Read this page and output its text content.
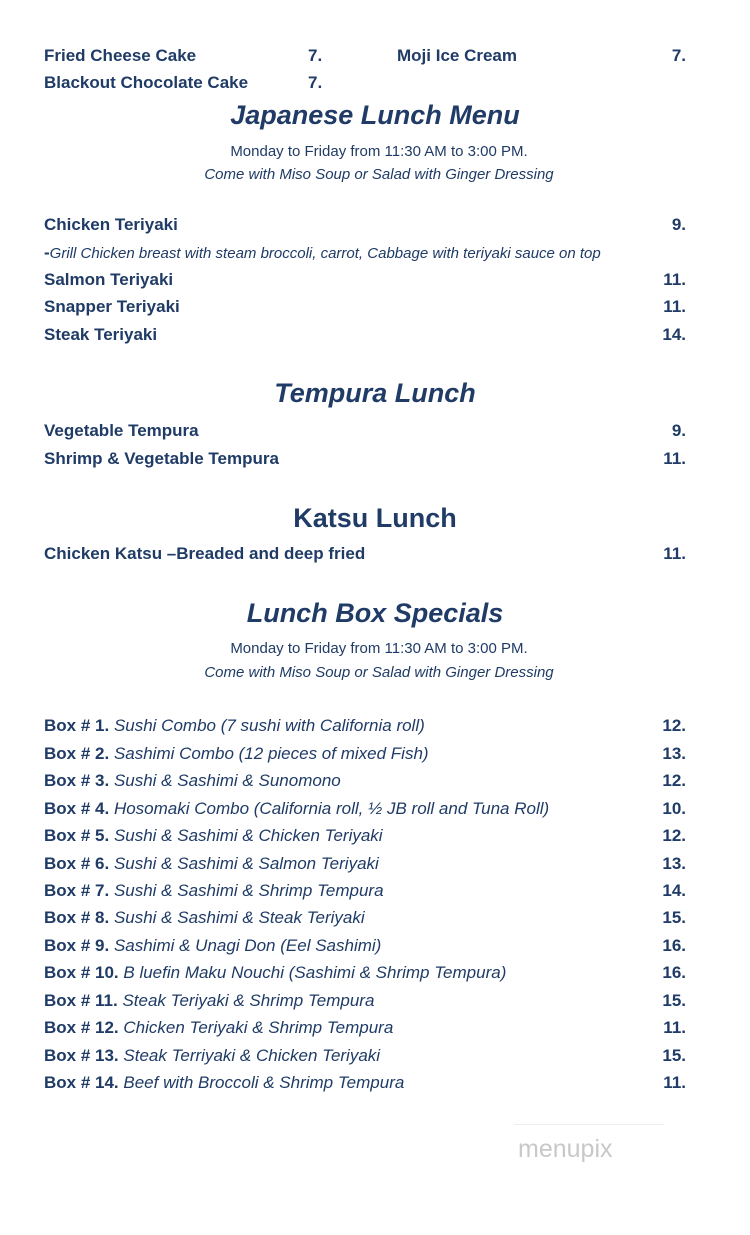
Fried Cheese Cake	7.	Moji Ice Cream	7.
Blackout Chocolate Cake	7.
Japanese Lunch Menu
Monday to Friday from 11:30 AM to 3:00 PM.
Come with Miso Soup or Salad with Ginger Dressing
Chicken Teriyaki	9.
-Grill Chicken breast with steam broccoli, carrot, Cabbage with teriyaki sauce on top
Salmon Teriyaki	11.
Snapper Teriyaki	11.
Steak Teriyaki	14.
Tempura Lunch
Vegetable Tempura	9.
Shrimp & Vegetable Tempura	11.
Katsu Lunch
Chicken Katsu –Breaded and deep fried	11.
Lunch Box Specials
Monday to Friday from 11:30 AM to 3:00 PM.
Come with Miso Soup or Salad with Ginger Dressing
Box # 1. Sushi Combo (7 sushi with California roll)	12.
Box # 2. Sashimi Combo (12 pieces of mixed Fish)	13.
Box # 3. Sushi & Sashimi & Sunomono	12.
Box # 4. Hosomaki Combo (California roll, ½ JB roll and Tuna Roll)	10.
Box # 5. Sushi & Sashimi & Chicken Teriyaki	12.
Box # 6. Sushi & Sashimi & Salmon Teriyaki	13.
Box # 7. Sushi & Sashimi & Shrimp Tempura	14.
Box # 8. Sushi & Sashimi & Steak Teriyaki	15.
Box # 9. Sashimi & Unagi Don (Eel Sashimi)	16.
Box # 10. B luefin Maku Nouchi (Sashimi & Shrimp Tempura)	16.
Box # 11. Steak Teriyaki & Shrimp Tempura	15.
Box # 12. Chicken Teriyaki & Shrimp Tempura	11.
Box # 13. Steak Terriyaki & Chicken Teriyaki	15.
Box # 14. Beef with Broccoli & Shrimp Tempura	11.
menupix
